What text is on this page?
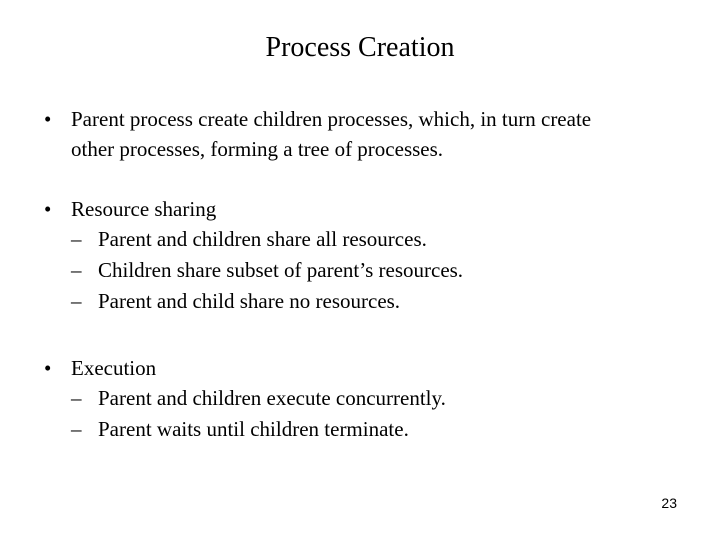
Process Creation
• Parent process create children processes, which, in turn create
other processes, forming a tree of processes.
• Resource sharing
– Parent and children share all resources.
– Children share subset of parent’s resources.
– Parent and child share no resources.
• Execution
– Parent and children execute concurrently.
– Parent waits until children terminate.
23
